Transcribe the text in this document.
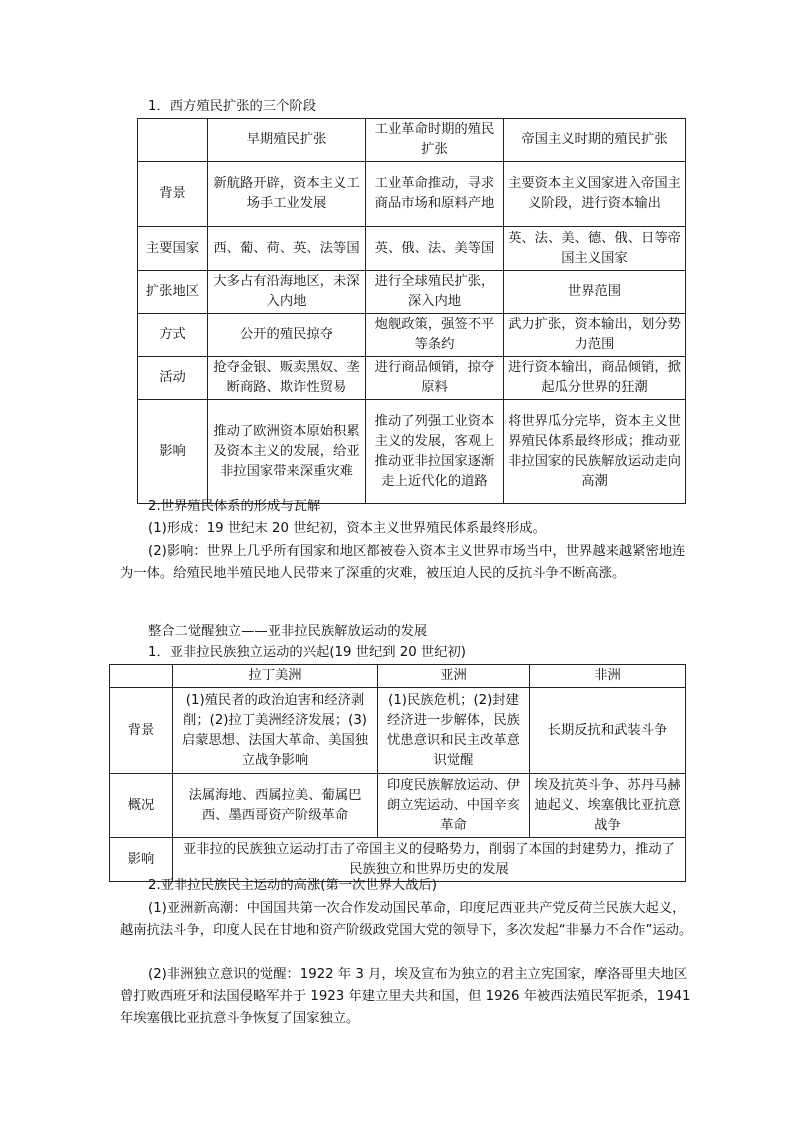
1．西方殖民扩张的三个阶段
	早期殖民扩张	工业革命时期的殖民扩张	帝国主义时期的殖民扩张
背景	新航路开辟，资本主义工场手工业发展	工业革命推动，寻求商品市场和原料产地	主要资本主义国家进入帝国主义阶段，进行资本输出
主要国家	西、葡、荷、英、法等国	英、俄、法、美等国	英、法、美、德、俄、日等帝国主义国家
扩张地区	大多占有沿海地区，未深入内地	进行全球殖民扩张，深入内地	世界范围
方式	公开的殖民掠夺	炮舰政策，强签不平等条约	武力扩张，资本输出，划分势力范围
活动	抢夺金银、贩卖黑奴、垄断商路、欺诈性贸易	进行商品倾销，掠夺原料	进行资本输出，商品倾销，掀起瓜分世界的狂潮
影响	推动了欧洲资本原始积累及资本主义的发展，给亚非拉国家带来深重灾难	推动了列强工业资本主义的发展，客观上推动亚非拉国家逐渐走上近代化的道路	将世界瓜分完毕，资本主义世界殖民体系最终形成；推动亚非拉国家的民族解放运动走向高潮
2.世界殖民体系的形成与瓦解
(1)形成：19 世纪末 20 世纪初，资本主义世界殖民体系最终形成。
(2)影响：世界上几乎所有国家和地区都被卷入资本主义世界市场当中，世界越来越紧密地连为一体。给殖民地半殖民地人民带来了深重的灾难，被压迫人民的反抗斗争不断高涨。
整合二觉醒独立——亚非拉民族解放运动的发展
1．亚非拉民族独立运动的兴起(19 世纪到 20 世纪初)
	拉丁美洲	亚洲	非洲
背景	(1)殖民者的政治迫害和经济剥削；(2)拉丁美洲经济发展；(3)启蒙思想、法国大革命、美国独立战争影响	(1)民族危机；(2)封建经济进一步解体，民族忧患意识和民主改革意识觉醒	长期反抗和武装斗争
概况	法属海地、西属拉美、葡属巴西、墨西哥资产阶级革命	印度民族解放运动、伊朗立宪运动、中国辛亥革命	埃及抗英斗争、苏丹马赫迪起义、埃塞俄比亚抗意战争
影响	亚非拉的民族独立运动打击了帝国主义的侵略势力，削弱了本国的封建势力，推动了民族独立和世界历史的发展		
2.亚非拉民族民主运动的高涨(第一次世界大战后)
(1)亚洲新高潮：中国国共第一次合作发动国民革命，印度尼西亚共产党反荷兰民族大起义，越南抗法斗争，印度人民在甘地和资产阶级政党国大党的领导下，多次发起“非暴力不合作”运动。
(2)非洲独立意识的觉醒：1922 年 3 月，埃及宣布为独立的君主立宪国家，摩洛哥里夫地区曾打败西班牙和法国侵略军并于 1923 年建立里夫共和国，但 1926 年被西法殖民军扼杀，1941 年埃塞俄比亚抗意斗争恢复了国家独立。
